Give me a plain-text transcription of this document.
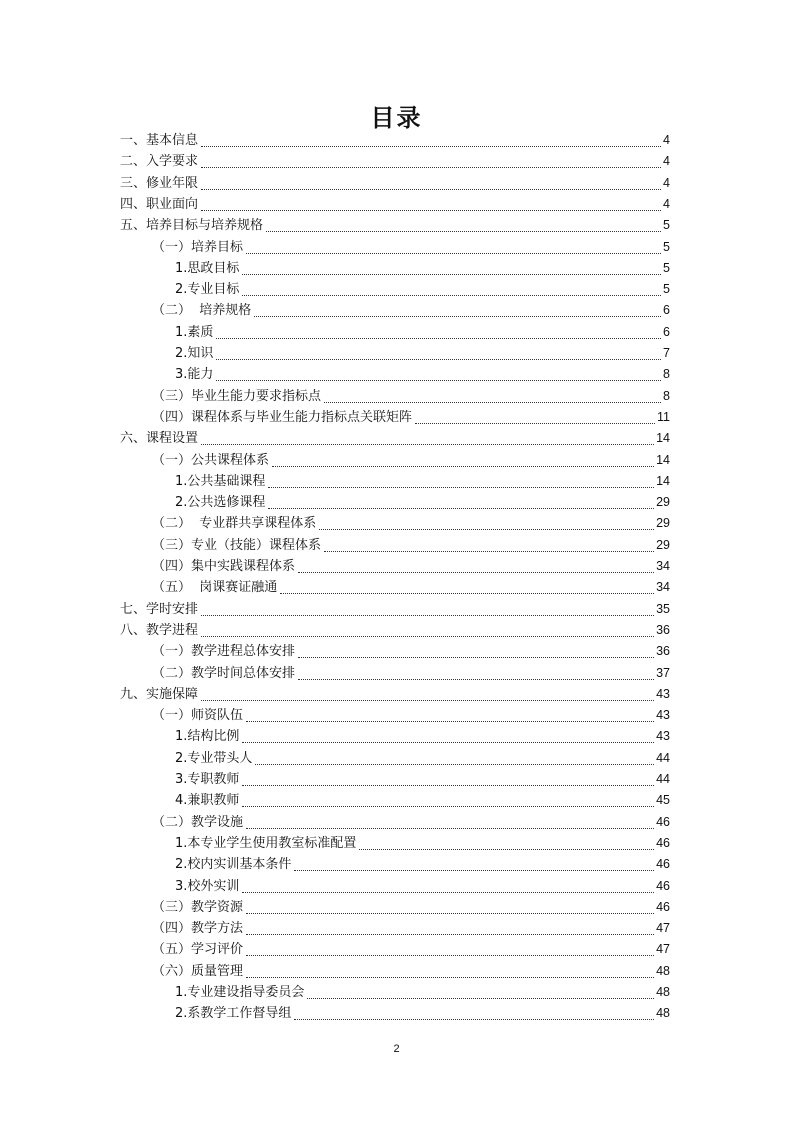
目录
一、基本信息	4
二、入学要求	4
三、修业年限	4
四、职业面向	4
五、培养目标与培养规格	5
（一）培养目标	5
1.思政目标	5
2.专业目标	5
（二）  培养规格	6
1.素质	6
2.知识	7
3.能力	8
（三）毕业生能力要求指标点	8
（四）课程体系与毕业生能力指标点关联矩阵	11
六、课程设置	14
（一）公共课程体系	14
1.公共基础课程	14
2.公共选修课程	29
（二）  专业群共享课程体系	29
（三）专业（技能）课程体系	29
（四）集中实践课程体系	34
（五）  岗课赛证融通	34
七、学时安排	35
八、教学进程	36
（一）教学进程总体安排	36
（二）教学时间总体安排	37
九、实施保障	43
（一）师资队伍	43
1.结构比例	43
2.专业带头人	44
3.专职教师	44
4.兼职教师	45
（二）教学设施	46
1.本专业学生使用教室标准配置	46
2.校内实训基本条件	46
3.校外实训	46
（三）教学资源	46
（四）教学方法	47
（五）学习评价	47
（六）质量管理	48
1.专业建设指导委员会	48
2.系教学工作督导组	48
2
